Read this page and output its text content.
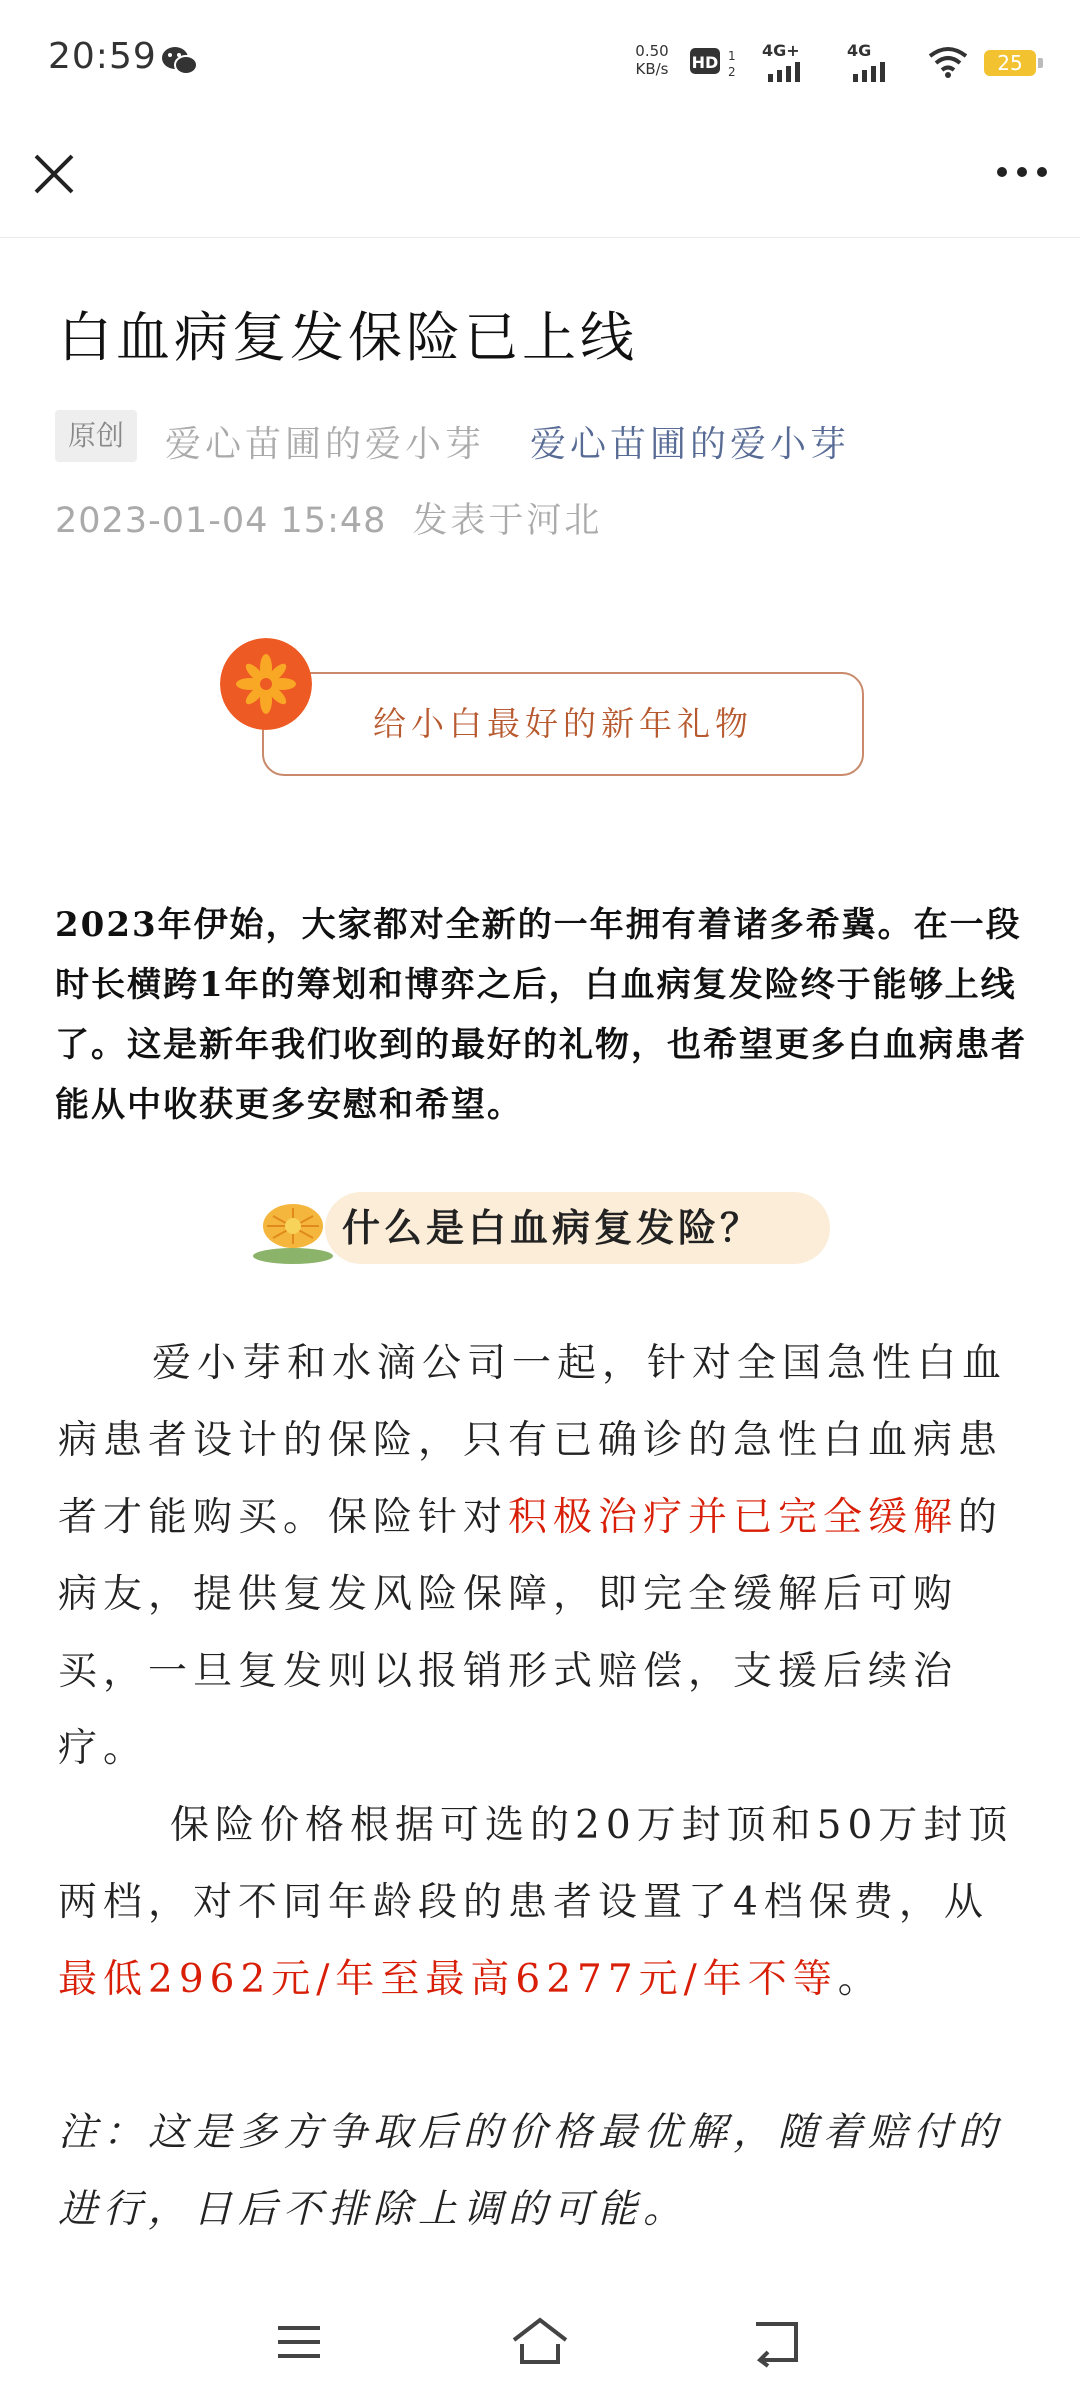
20:59	0.50
KB/s	HD 1
2
4G+	4G
25
白血病复发保险已上线
原创	爱心苗圃的爱小芽 爱心苗圃的爱小芽
2023-01-04 15:48 发表于河北
给小白最好的新年礼物

2023年伊始，大家都对全新的一年拥有着诸多希冀。在一段时长横跨1年的筹划和博弈之后，白血病复发险终于能够上线了。这是新年我们收到的最好的礼物，也希望更多白血病患者能从中收获更多安慰和希望。

什么是白血病复发险？

爱小芽和水滴公司一起，针对全国急性白血病患者设计的保险，只有已确诊的急性白血病患者才能购买。保险针对积极治疗并已完全缓解的病友，提供复发风险保障，即完全缓解后可购买，一旦复发则以报销形式赔偿，支援后续治疗。

保险价格根据可选的20万封顶和50万封顶两档，对不同年龄段的患者设置了4档保费，从最低2962元/年至最高6277元/年不等。

注：这是多方争取后的价格最优解，随着赔付的进行，日后不排除上调的可能。
